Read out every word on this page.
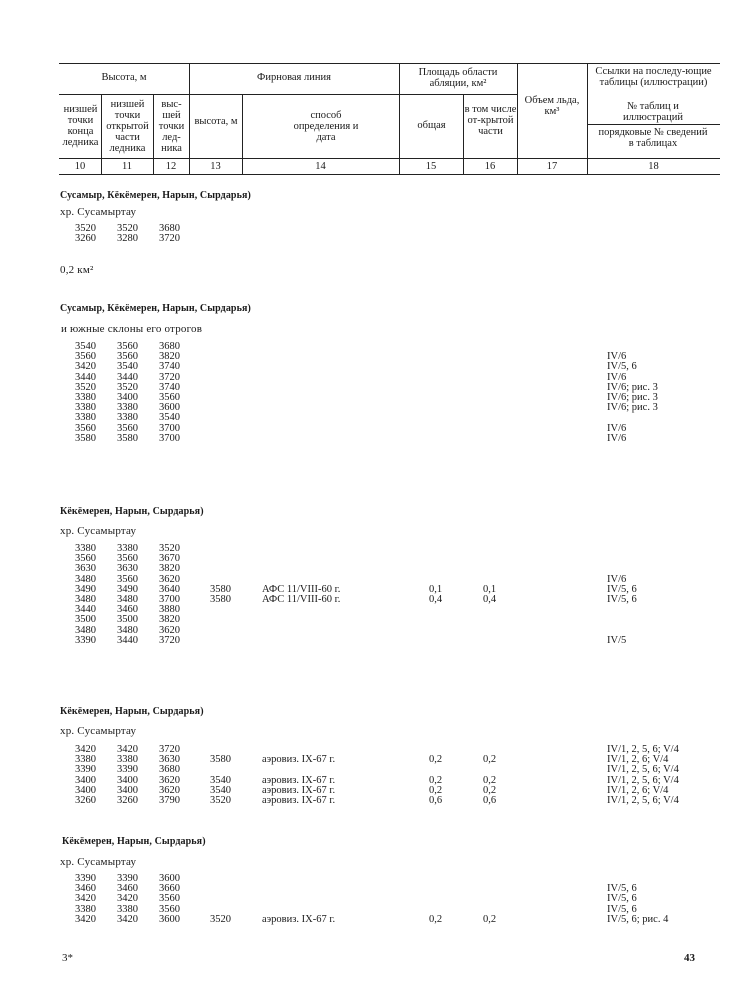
Высота, м	Фирновая линия	Площадь области абляции, км²
Ссылки на последу-ющие таблицы (иллюстрации)
низшей точки конца ледника
низшей точки открытой части ледника
выс-шей точки лед-ника
высота, м
способ определения и дата
общая
в том числе от-крытой части
Объем льда, км³	№ таблиц и иллюстраций
порядковые № сведений в таблицах
10	11	12	13	14	15	16	17	18
Сусамыр, Кёкёмерен, Нарын, Сырдарья)
хр. Сусамыртау
3520 3520 3680
3260 3280 3720
0,2 км²
Сусамыр, Кёкёмерен, Нарын, Сырдарья)
и южные склоны его отрогов
3540 3560 3680
3560 3560 3820	IV/6
3420 3540 3740	IV/5, 6
3440 3440 3720	IV/6
3520 3520 3740	IV/6; рис. 3
3380 3400 3560	IV/6; рис. 3
3380 3380 3600	IV/6; рис. 3
3380 3380 3540
3560 3560 3700	IV/6
3580 3580 3700	IV/6
Кёкёмерен, Нарын, Сырдарья)
хр. Сусамыртау
3380 3380 3520
3560 3560 3670
3630 3630 3820
3480 3560 3620	IV/6
3490 3490 3640	3580	АФС 11/VIII-60 г.	0,1	0,1	IV/5, 6
3480 3480 3700	3580	АФС 11/VIII-60 г.	0,4	0,4	IV/5, 6
3440 3460 3880
3500 3500 3820
3480 3480 3620
3390 3440 3720	IV/5
Кёкёмерен, Нарын, Сырдарья)
хр. Сусамыртау
3420 3420 3720	IV/1, 2, 5, 6; V/4
3380 3380 3630	3580	аэровиз. IX-67 г.	0,2	0,2	IV/1, 2, 6; V/4
3390 3390 3680	IV/1, 2, 5, 6; V/4
3400 3400 3620	3540	аэровиз. IX-67 г.	0,2	0,2	IV/1, 2, 5, 6; V/4
3400 3400 3620	3540	аэровиз. IX-67 г.	0,2	0,2	IV/1, 2, 6; V/4
3260 3260 3790	3520	аэровиз. IX-67 г.	0,6	0,6	IV/1, 2, 5, 6; V/4
Кёкёмерен, Нарын, Сырдарья)
хр. Сусамыртау
3390 3390 3600
3460 3460 3660	IV/5, 6
3420 3420 3560	IV/5, 6
3380 3380 3560	IV/5, 6
3420 3420 3600	3520	аэровиз. IX-67 г.	0,2	0,2	IV/5, 6; рис. 4
3*	43
